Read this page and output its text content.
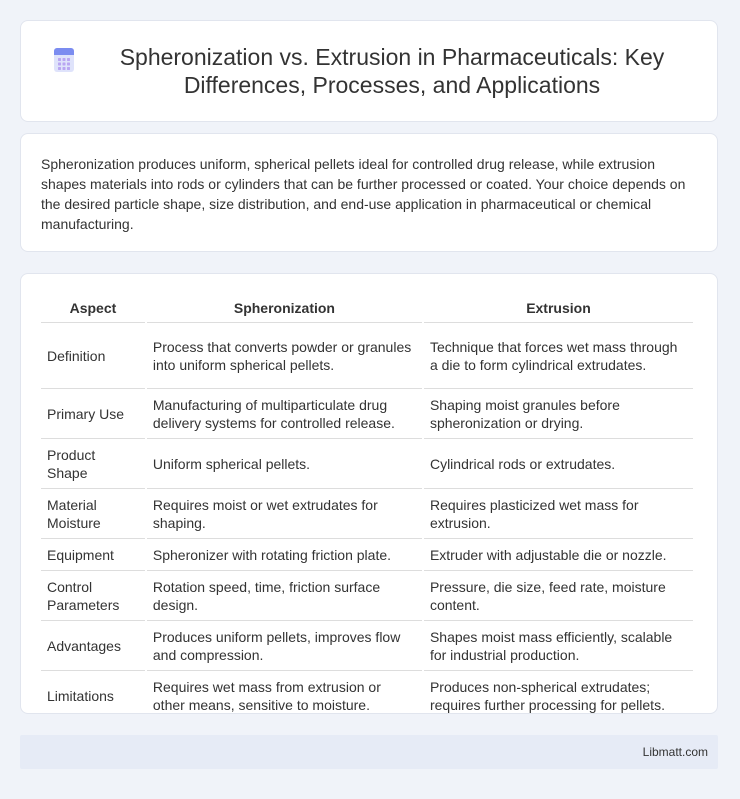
Spheronization vs. Extrusion in Pharmaceuticals: Key Differences, Processes, and Applications

Spheronization produces uniform, spherical pellets ideal for controlled drug release, while extrusion shapes materials into rods or cylinders that can be further processed or coated. Your choice depends on the desired particle shape, size distribution, and end-use application in pharmaceutical or chemical manufacturing.

Aspect	Spheronization	Extrusion
Definition	Process that converts powder or granules into uniform spherical pellets.	Technique that forces wet mass through a die to form cylindrical extrudates.
Primary Use	Manufacturing of multiparticulate drug delivery systems for controlled release.	Shaping moist granules before spheronization or drying.
Product Shape	Uniform spherical pellets.	Cylindrical rods or extrudates.
Material Moisture	Requires moist or wet extrudates for shaping.	Requires plasticized wet mass for extrusion.
Equipment	Spheronizer with rotating friction plate.	Extruder with adjustable die or nozzle.
Control Parameters	Rotation speed, time, friction surface design.	Pressure, die size, feed rate, moisture content.
Advantages	Produces uniform pellets, improves flow and compression.	Shapes moist mass efficiently, scalable for industrial production.
Limitations	Requires wet mass from extrusion or other means, sensitive to moisture.	Produces non-spherical extrudates; requires further processing for pellets.
Libmatt.com
